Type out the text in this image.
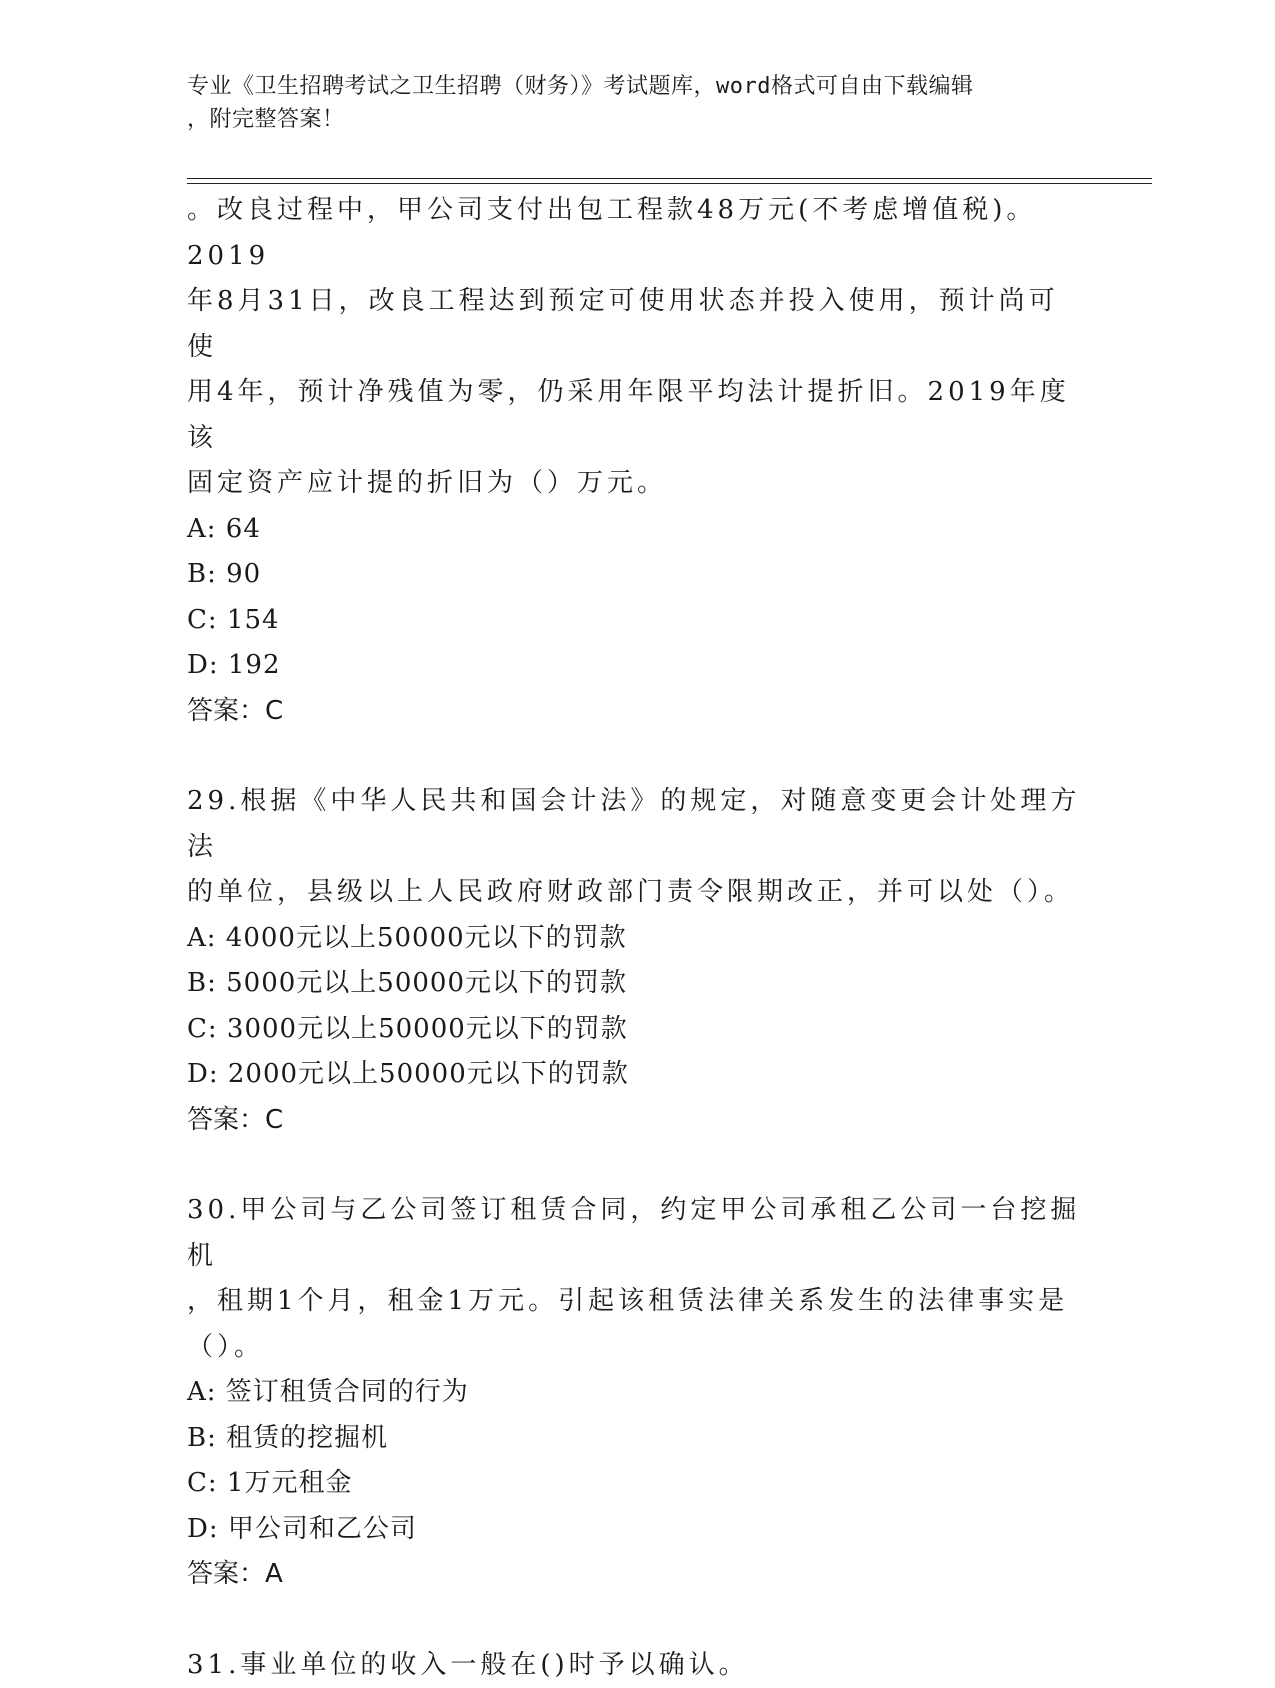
专业《卫生招聘考试之卫生招聘（财务）》考试题库，word格式可自由下载编辑
，附完整答案！

。改良过程中，甲公司支付出包工程款48万元(不考虑增值税)。2019

年8月31日，改良工程达到预定可使用状态并投入使用，预计尚可使

用4年，预计净残值为零，仍采用年限平均法计提折旧。2019年度该

固定资产应计提的折旧为（）万元。

A: 64

B: 90

C: 154

D: 192

答案：C

29.根据《中华人民共和国会计法》的规定，对随意变更会计处理方法

的单位，县级以上人民政府财政部门责令限期改正，并可以处（）。

A: 4000元以上50000元以下的罚款

B: 5000元以上50000元以下的罚款

C: 3000元以上50000元以下的罚款

D: 2000元以上50000元以下的罚款

答案：C

30.甲公司与乙公司签订租赁合同，约定甲公司承租乙公司一台挖掘机

，租期1个月，租金1万元。引起该租赁法律关系发生的法律事实是

（）。

A: 签订租赁合同的行为

B: 租赁的挖掘机

C: 1万元租金

D: 甲公司和乙公司

答案：A

31.事业单位的收入一般在()时予以确认。
